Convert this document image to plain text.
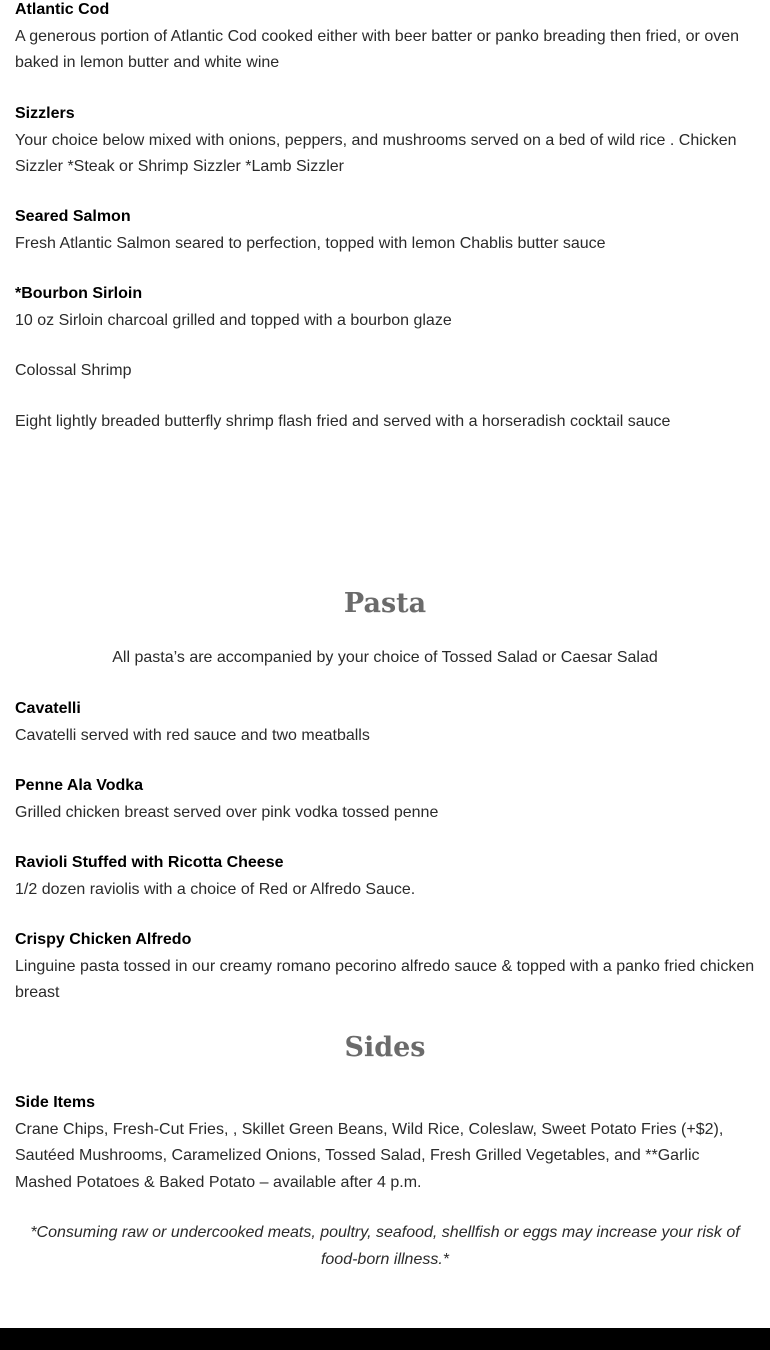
Atlantic Cod
A generous portion of Atlantic Cod cooked either with beer batter or panko breading then fried, or oven baked in lemon butter and white wine
Sizzlers
Your choice below mixed with onions, peppers, and mushrooms served on a bed of wild rice . Chicken Sizzler *Steak or Shrimp Sizzler *Lamb Sizzler
Seared Salmon
Fresh Atlantic Salmon seared to perfection, topped with lemon Chablis butter sauce
*Bourbon Sirloin
10 oz Sirloin charcoal grilled and topped with a bourbon glaze
Colossal Shrimp
Eight lightly breaded butterfly shrimp flash fried and served with a horseradish cocktail sauce
Pasta
All pasta’s are accompanied by your choice of Tossed Salad or Caesar Salad
Cavatelli
Cavatelli served with red sauce and two meatballs
Penne Ala Vodka
Grilled chicken breast served over pink vodka tossed penne
Ravioli Stuffed with Ricotta Cheese
1/2 dozen raviolis with a choice of Red or Alfredo Sauce.
Crispy Chicken Alfredo
Linguine pasta tossed in our creamy romano pecorino alfredo sauce & topped with a panko fried chicken breast
Sides
Side Items
Crane Chips, Fresh-Cut Fries, , Skillet Green Beans, Wild Rice, Coleslaw, Sweet Potato Fries (+$2), Sautéed Mushrooms, Caramelized Onions, Tossed Salad, Fresh Grilled Vegetables, and **Garlic Mashed Potatoes & Baked Potato – available after 4 p.m.
*Consuming raw or undercooked meats, poultry, seafood, shellfish or eggs may increase your risk of food-born illness.*
